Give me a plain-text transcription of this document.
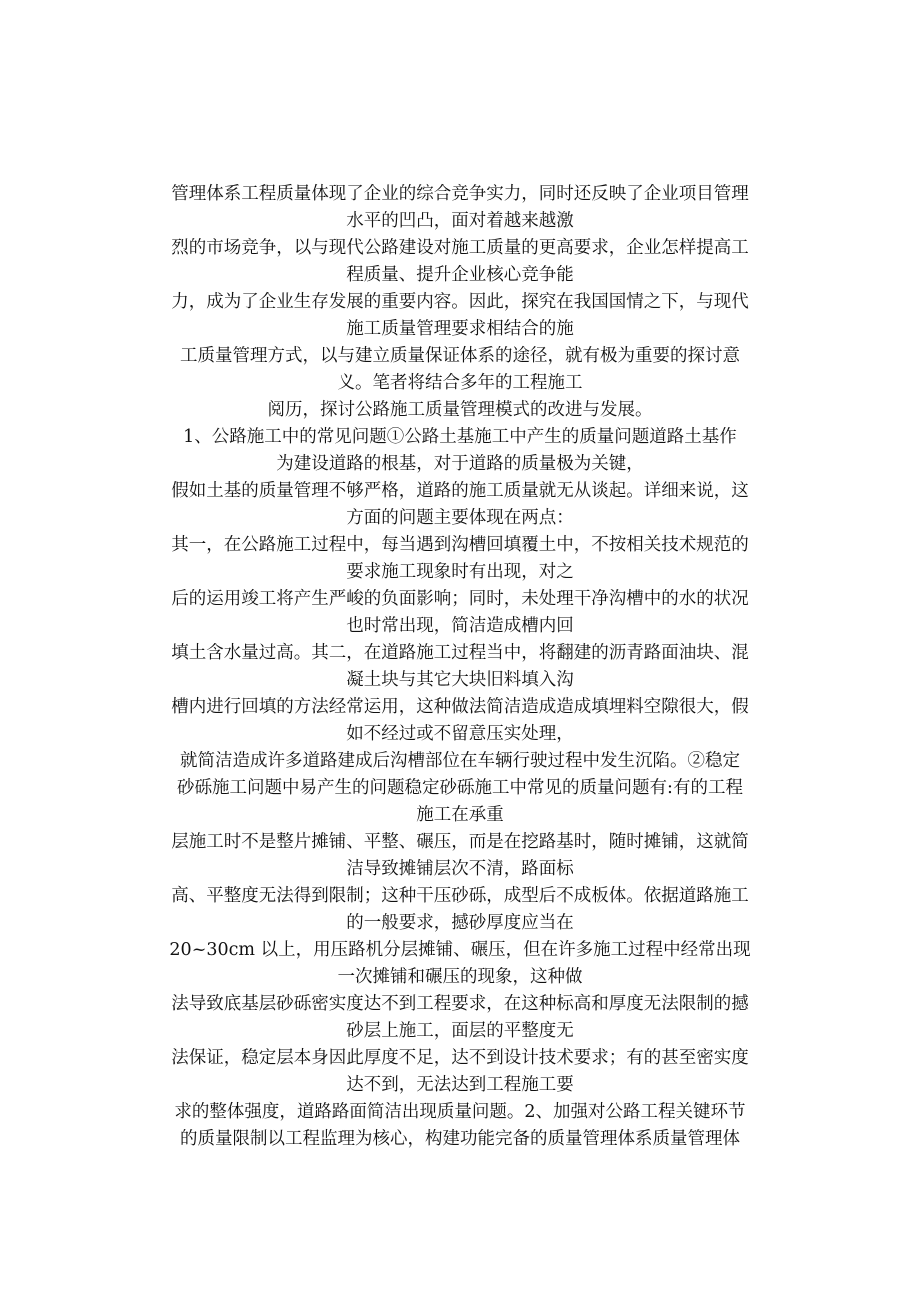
管理体系工程质量体现了企业的综合竞争实力，同时还反映了企业项目管理
水平的凹凸，面对着越来越激
烈的市场竞争，以与现代公路建设对施工质量的更高要求，企业怎样提高工
程质量、提升企业核心竞争能
力，成为了企业生存发展的重要内容。因此，探究在我国国情之下，与现代
施工质量管理要求相结合的施
工质量管理方式，以与建立质量保证体系的途径，就有极为重要的探讨意
义。笔者将结合多年的工程施工
阅历，探讨公路施工质量管理模式的改进与发展。
1、公路施工中的常见问题①公路土基施工中产生的质量问题道路土基作
为建设道路的根基，对于道路的质量极为关键，
假如土基的质量管理不够严格，道路的施工质量就无从谈起。详细来说，这
方面的问题主要体现在两点：
其一，在公路施工过程中，每当遇到沟槽回填覆土中，不按相关技术规范的
要求施工现象时有出现，对之
后的运用竣工将产生严峻的负面影响；同时，未处理干净沟槽中的水的状况
也时常出现，简洁造成槽内回
填土含水量过高。其二，在道路施工过程当中，将翻建的沥青路面油块、混
凝土块与其它大块旧料填入沟
槽内进行回填的方法经常运用，这种做法简洁造成造成填埋料空隙很大，假
如不经过或不留意压实处理，
就简洁造成许多道路建成后沟槽部位在车辆行驶过程中发生沉陷。②稳定
砂砾施工问题中易产生的问题稳定砂砾施工中常见的质量问题有:有的工程
施工在承重
层施工时不是整片摊铺、平整、碾压，而是在挖路基时，随时摊铺，这就简
洁导致摊铺层次不清，路面标
高、平整度无法得到限制；这种干压砂砾，成型后不成板体。依据道路施工
的一般要求，撼砂厚度应当在
20~30cm 以上，用压路机分层摊铺、碾压，但在许多施工过程中经常出现
一次摊铺和碾压的现象，这种做
法导致底基层砂砾密实度达不到工程要求，在这种标高和厚度无法限制的撼
砂层上施工，面层的平整度无
法保证，稳定层本身因此厚度不足，达不到设计技术要求；有的甚至密实度
达不到，无法达到工程施工要
求的整体强度，道路路面简洁出现质量问题。2、加强对公路工程关键环节
的质量限制以工程监理为核心，构建功能完备的质量管理体系质量管理体
